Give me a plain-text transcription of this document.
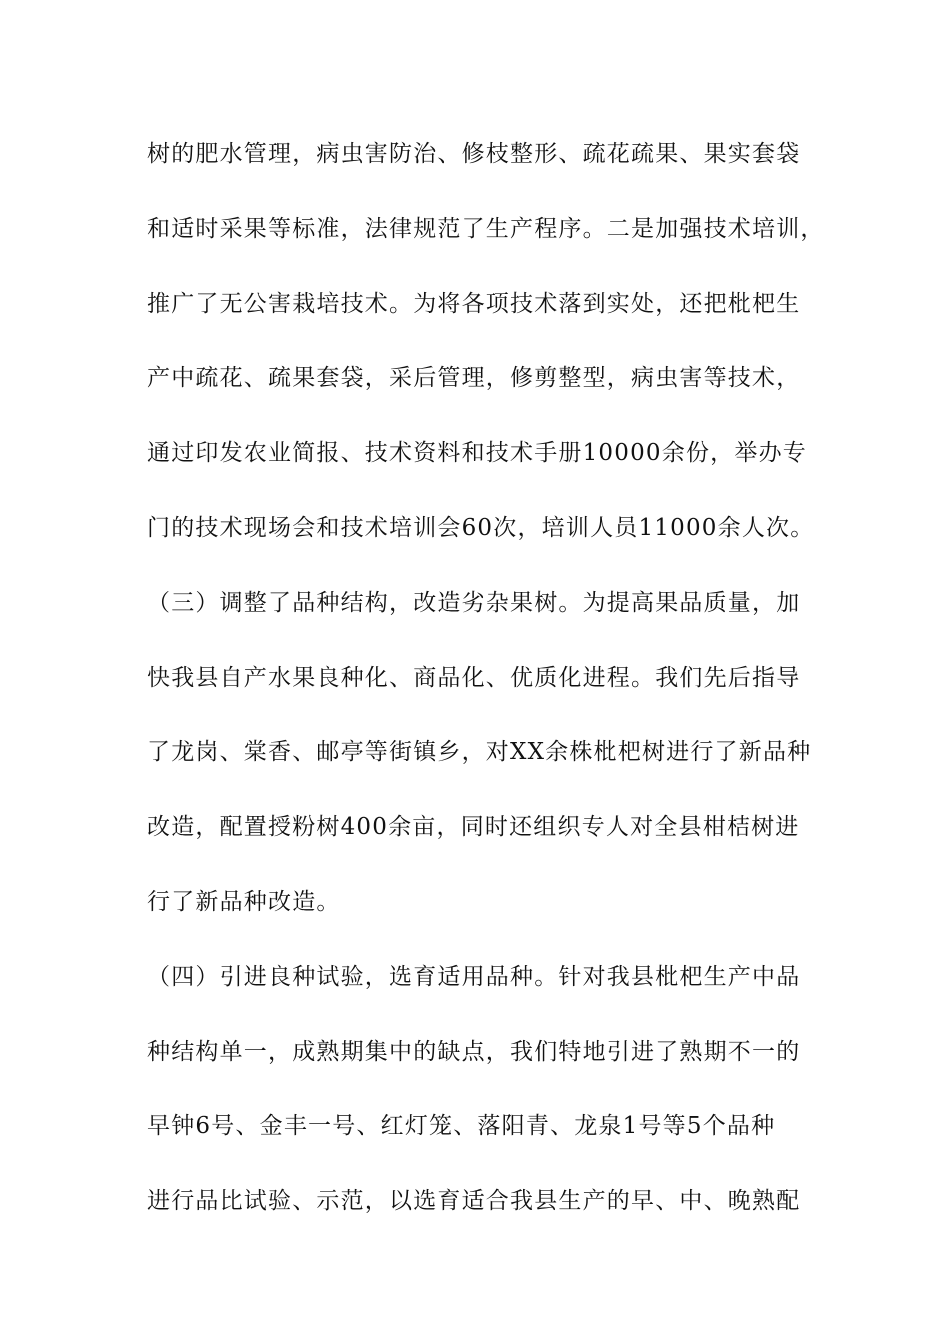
树的肥水管理，病虫害防治、修枝整形、疏花疏果、果实套袋
和适时采果等标准，法律规范了生产程序。二是加强技术培训，
推广了无公害栽培技术。为将各项技术落到实处，还把枇杷生
产中疏花、疏果套袋，采后管理，修剪整型，病虫害等技术，
通过印发农业简报、技术资料和技术手册10000余份，举办专
门的技术现场会和技术培训会60次，培训人员11000余人次。
（三）调整了品种结构，改造劣杂果树。为提高果品质量，加
快我县自产水果良种化、商品化、优质化进程。我们先后指导
了龙岗、棠香、邮亭等街镇乡，对XX余株枇杷树进行了新品种
改造，配置授粉树400余亩，同时还组织专人对全县柑桔树进
行了新品种改造。
（四）引进良种试验，选育适用品种。针对我县枇杷生产中品
种结构单一，成熟期集中的缺点，我们特地引进了熟期不一的
早钟6号、金丰一号、红灯笼、落阳青、龙泉1号等5个品种
进行品比试验、示范，以选育适合我县生产的早、中、晚熟配
